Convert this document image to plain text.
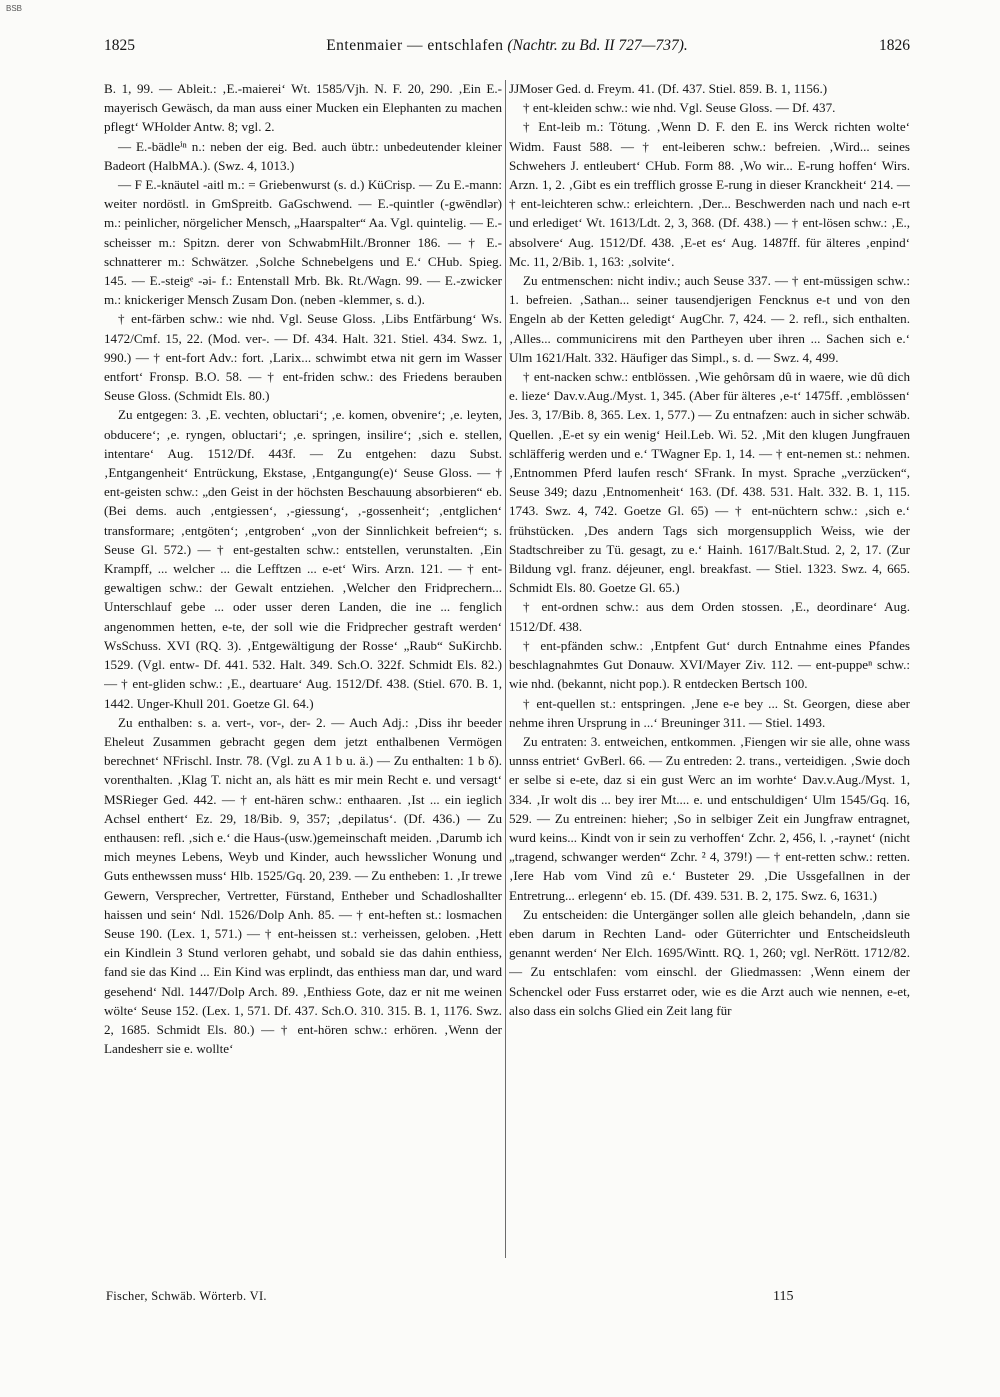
BSB
1825	Entenmaier — entschlafen (Nachtr. zu Bd. II 727—737).	1826

B. 1, 99. — Ableit.: ‚E.-maiereiʻ Wt. 1585/Vjh. N. F. 20, 290. ‚Ein E.-mayerisch Gewäsch, da man auss einer Mucken ein Elephanten zu machen pflegtʻ WHolder Antw. 8; vgl. 2.

— E.-bädleⁱⁿ n.: neben der eig. Bed. auch übtr.: unbedeutender kleiner Badeort (HalbMA.). (Swz. 4, 1013.)

— F E.-knäutel -aitl m.: = Griebenwurst (s. d.) KüCrisp. — Zu E.-mann: weiter nordöstl. in GmSpreitb. GaGschwend. — E.-quintler (-gwēndlər) m.: peinlicher, nörgelicher Mensch, „Haarspalter“ Aa. Vgl. quintelig. — E.-scheisser m.: Spitzn. derer von SchwabmHilt./Bronner 186. — † E.-schnatterer m.: Schwätzer. ‚Solche Schnebelgens und E.ʻ CHub. Spieg. 145. — E.-steigᵉ -əi- f.: Entenstall Mrb. Bk. Rt./Wagn. 99. — E.-zwicker m.: knickeriger Mensch Zusam Don. (neben -klemmer, s. d.).

† ent-färben schw.: wie nhd. Vgl. Seuse Gloss. ‚Libs Entfärbungʻ Ws. 1472/Cmf. 15, 22. (Mod. ver-. — Df. 434. Halt. 321. Stiel. 434. Swz. 1, 990.) — † ent-fort Adv.: fort. ‚Larix... schwimbt etwa nit gern im Wasser entfortʻ Fronsp. B.O. 58. — † ent-friden schw.: des Friedens berauben Seuse Gloss. (Schmidt Els. 80.)

Zu entgegen: 3. ‚E. vechten, obluctariʻ; ‚e. komen, obvenireʻ; ‚e. leyten, obducereʻ; ‚e. ryngen, obluctariʻ; ‚e. springen, insilireʻ; ‚sich e. stellen, intentareʻ Aug. 1512/Df. 443f. — Zu entgehen: dazu Subst. ‚Entgangenheitʻ Entrückung, Ekstase, ‚Entgangung(e)ʻ Seuse Gloss. — † ent-geisten schw.: „den Geist in der höchsten Beschauung absorbieren“ eb. (Bei dems. auch ‚entgiessenʻ, ‚-giessungʻ, ‚-gossenheitʻ; ‚entglichenʻ transformare; ‚entgötenʻ; ‚entgrobenʻ „von der Sinnlichkeit befreien“; s. Seuse Gl. 572.) — † ent-gestalten schw.: entstellen, verunstalten. ‚Ein Krampff, ... welcher ... die Lefftzen ... e-etʻ Wirs. Arzn. 121. — † ent-gewaltigen schw.: der Gewalt entziehen. ‚Welcher den Fridprechern... Unterschlauf gebe ... oder usser deren Landen, die ine ... fenglich angenommen hetten, e-te, der soll wie die Fridprecher gestraft werdenʻ WsSchuss. XVI (RQ. 3). ‚Entgewältigung der Rosseʻ „Raub“ SuKirchb. 1529. (Vgl. entw- Df. 441. 532. Halt. 349. Sch.O. 322f. Schmidt Els. 82.) — † ent-gliden schw.: ‚E., deartuareʻ Aug. 1512/Df. 438. (Stiel. 670. B. 1, 1442. Unger-Khull 201. Goetze Gl. 64.)

Zu enthalben: s. a. vert-, vor-, der- 2. — Auch Adj.: ‚Diss ihr beeder Eheleut Zusammen gebracht gegen dem jetzt enthalbenen Vermögen berechnetʻ NFrischl. Instr. 78. (Vgl. zu A 1 b u. ä.) — Zu enthalten: 1 b δ). vorenthalten. ‚Klag T. nicht an, als hätt es mir mein Recht e. und versagtʻ MSRieger Ged. 442. — † ent-hären schw.: enthaaren. ‚Ist ... ein ieglich Achsel enthertʻ Ez. 29, 18/Bib. 9, 357; ‚depilatusʻ. (Df. 436.) — Zu enthausen: refl. ‚sich e.ʻ die Haus-(usw.)gemeinschaft meiden. ‚Darumb ich mich meynes Lebens, Weyb und Kinder, auch hewsslicher Wonung und Guts enthewssen mussʻ Hlb. 1525/Gq. 20, 239. — Zu entheben: 1. ‚Ir trewe Gewern, Versprecher, Vertretter, Fürstand, Entheber und Schadloshallter haissen und seinʻ Ndl. 1526/Dolp Anh. 85. — † ent-heften st.: losmachen Seuse 190. (Lex. 1, 571.) — † ent-heissen st.: verheissen, geloben. ‚Hett ein Kindlein 3 Stund verloren gehabt, und sobald sie das dahin enthiess, fand sie das Kind ... Ein Kind was erplindt, das enthiess man dar, und ward gesehendʻ Ndl. 1447/Dolp Arch. 89. ‚Enthiess Gote, daz er nit me weinen wölteʻ Seuse 152. (Lex. 1, 571. Df. 437. Sch.O. 310. 315. B. 1, 1176. Swz. 2, 1685. Schmidt Els. 80.) — † ent-hören schw.: erhören. ‚Wenn der Landesherr sie e. wollteʻ

JJMoser Ged. d. Freym. 41. (Df. 437. Stiel. 859. B. 1, 1156.)

† ent-kleiden schw.: wie nhd. Vgl. Seuse Gloss. — Df. 437.

† Ent-leib m.: Tötung. ‚Wenn D. F. den E. ins Werck richten wolteʻ Widm. Faust 588. — † ent-leiberen schw.: befreien. ‚Wird... seines Schwehers J. entleubertʻ CHub. Form 88. ‚Wo wir... E-rung hoffenʻ Wirs. Arzn. 1, 2. ‚Gibt es ein trefflich grosse E-rung in dieser Kranckheitʻ 214. — † ent-leichteren schw.: erleichtern. ‚Der... Beschwerden nach und nach e-rt und erlediget‘ Wt. 1613/Ldt. 2, 3, 368. (Df. 438.) — † ent-lösen schw.: ‚E., absolvereʻ Aug. 1512/Df. 438. ‚E-et esʻ Aug. 1487ff. für älteres ‚enpindʻ Mc. 11, 2/Bib. 1, 163: ‚solviteʻ.

Zu entmenschen: nicht indiv.; auch Seuse 337. — † ent-müssigen schw.: 1. befreien. ‚Sathan... seiner tausendjerigen Fencknus e-t und von den Engeln ab der Ketten geledigtʻ AugChr. 7, 424. — 2. refl., sich enthalten. ‚Alles... communicirens mit den Partheyen uber ihren ... Sachen sich e.ʻ Ulm 1621/Halt. 332. Häufiger das Simpl., s. d. — Swz. 4, 499.

† ent-nacken schw.: entblössen. ‚Wie gehôrsam dû in waere, wie dû dich e. liezeʻ Dav.v.Aug./Myst. 1, 345. (Aber für älteres ‚e-tʻ 1475ff. ‚emblössenʻ Jes. 3, 17/Bib. 8, 365. Lex. 1, 577.) — Zu entnafzen: auch in sicher schwäb. Quellen. ‚E-et sy ein wenigʻ Heil.Leb. Wi. 52. ‚Mit den klugen Jungfrauen schläfferig werden und e.ʻ TWagner Ep. 1, 14. — † ent-nemen st.: nehmen. ‚Entnommen Pferd laufen reschʻ SFrank. In myst. Sprache „verzücken“, Seuse 349; dazu ‚Entnomenheitʻ 163. (Df. 438. 531. Halt. 332. B. 1, 115. 1743. Swz. 4, 742. Goetze Gl. 65) — † ent-nüchtern schw.: ‚sich e.ʻ frühstücken. ‚Des andern Tags sich morgensupplich Weiss, wie der Stadtschreiber zu Tü. gesagt, zu e.ʻ Hainh. 1617/Balt.Stud. 2, 2, 17. (Zur Bildung vgl. franz. déjeuner, engl. breakfast. — Stiel. 1323. Swz. 4, 665. Schmidt Els. 80. Goetze Gl. 65.)

† ent-ordnen schw.: aus dem Orden stossen. ‚E., deordinareʻ Aug. 1512/Df. 438.

† ent-pfänden schw.: ‚Entpfent Gutʻ durch Entnahme eines Pfandes beschlagnahmtes Gut Donauw. XVI/Mayer Ziv. 112. — ent-puppeⁿ schw.: wie nhd. (bekannt, nicht pop.). R entdecken Bertsch 100.

† ent-quellen st.: entspringen. ‚Jene e-e bey ... St. Georgen, diese aber nehme ihren Ursprung in ...ʻ Breuninger 311. — Stiel. 1493.

Zu entraten: 3. entweichen, entkommen. ‚Fiengen wir sie alle, ohne wass unnss entrietʻ GvBerl. 66. — Zu entreden: 2. trans., verteidigen. ‚Swie doch er selbe si e-ete, daz si ein gust Werc an im worhteʻ Dav.v.Aug./Myst. 1, 334. ‚Ir wolt dis ... bey irer Mt.... e. und entschuldigenʻ Ulm 1545/Gq. 16, 529. — Zu entreinen: hieher; ‚So in selbiger Zeit ein Jungfraw entragnet, wurd keins... Kindt von ir sein zu verhoffenʻ Zchr. 2, 456, l. ‚-raynetʻ (nicht „tragend, schwanger werden“ Zchr. ² 4, 379!) — † ent-retten schw.: retten. ‚Iere Hab vom Vind zû e.ʻ Busteter 29. ‚Die Ussgefallnen in der Entretrung... erlegennʻ eb. 15. (Df. 439. 531. B. 2, 175. Swz. 6, 1631.)

Zu entscheiden: die Untergänger sollen alle gleich behandeln, ‚dann sie eben darum in Rechten Land- oder Güterrichter und Entscheidsleuth genannt werdenʻ Ner Elch. 1695/Wintt. RQ. 1, 260; vgl. NerRött. 1712/82. — Zu entschlafen: vom einschl. der Gliedmassen: ‚Wenn einem der Schenckel oder Fuss erstarret oder, wie es die Arzt auch wie nennen, e-et, also dass ein solchs Glied ein Zeit lang für

Fischer, Schwäb. Wörterb. VI.	115
